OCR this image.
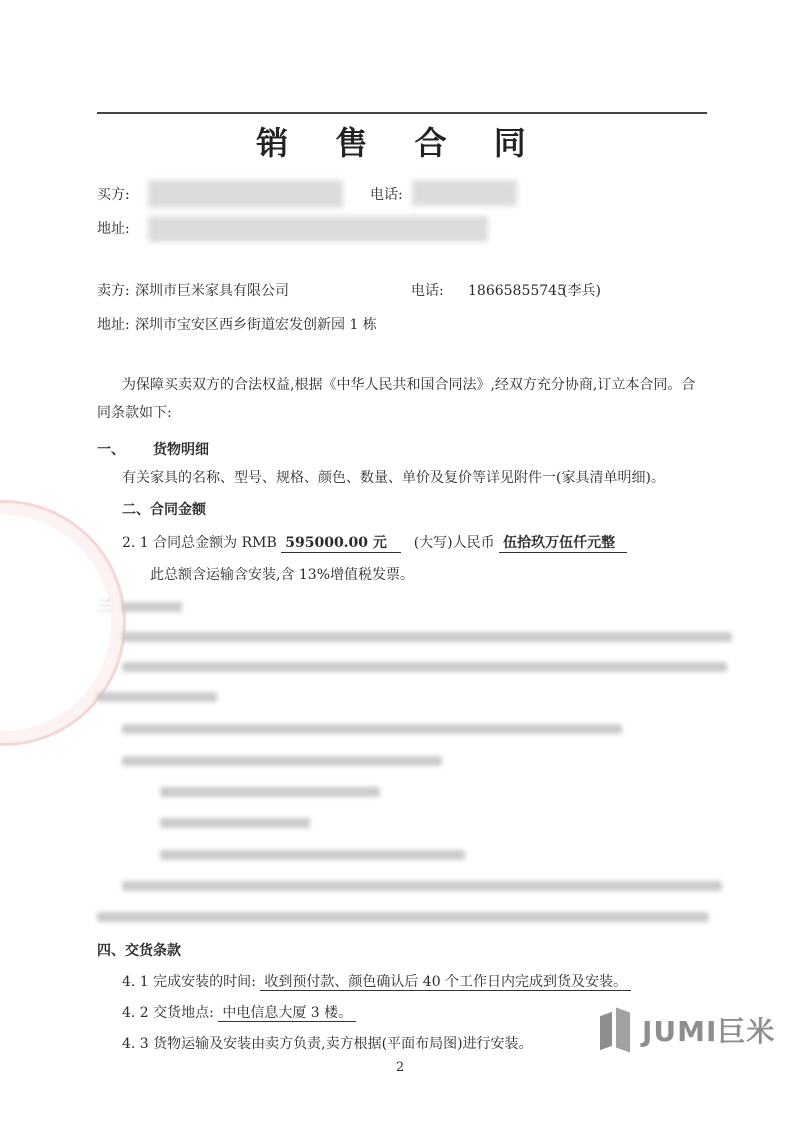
销 售 合 同
买方:	电话:
地址:
卖方: 深圳市巨米家具有限公司	电话: 18665855745
(李兵)
地址: 深圳市宝安区西乡街道宏发创新园 1 栋
为保障买卖双方的合法权益,根据《中华人民共和国合同法》,经双方充分协商,订立本合同。合
同条款如下:
一、 货物明细
有关家具的名称、型号、规格、颜色、数量、单价及复价等详见附件一(家具清单明细)。
二、合同金额
2. 1 合同总金额为 RMB 595000.00 元 (大写)人民币 伍拾玖万伍仟元整
此总额含运输含安装,含 13%增值税发票。
三
四、交货条款
4. 1 完成安装的时间: 收到预付款、颜色确认后 40 个工作日内完成到货及安装。
4. 2 交货地点: 中电信息大厦 3 楼。
4. 3 货物运输及安装由卖方负责,卖方根据(平面布局图)进行安装。	JUMI巨米
2
